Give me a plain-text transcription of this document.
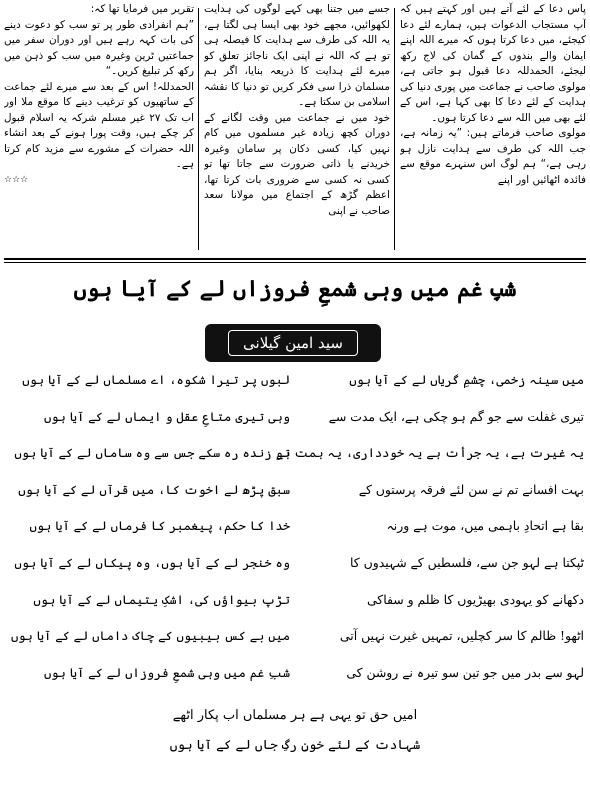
پاس دعا کے لئے آتے ہیں اور کہتے ہیں کہ آپ مستجاب الدعوات ہیں، ہمارے لئے دعا کیجئے، میں دعا کرتا ہوں کہ میرے اللہ اپنے ایمان والے بندوں کے گمان کی لاج رکھ لیجئے، الحمدللہ دعا قبول ہو جاتی ہے، مولوی صاحب نے جماعت میں پوری دنیا کی ہدایت کے لئے دعا کا بھی کہا ہے، اس کے لئے بھی میں اللہ سے دعا کرتا ہوں۔

مولوی صاحب فرماتے ہیں: ”یہ زمانہ ہے، جب اللہ کی طرف سے ہدایت نازل ہو رہی ہے،“ ہم لوگ اس سنہرے موقع سے فائدہ اٹھائیں اور اپنے

جسے میں جتنا بھی کہے لوگوں کی ہدایت لکھوائیں، مجھے خود بھی ایسا ہی لگتا ہے، یہ اللہ کی طرف سے ہدایت کا فیصلہ ہی تو ہے کہ اللہ نے اپنی ایک ناجائز تعلق کو میرے لئے ہدایت کا ذریعہ بنایا، اگر ہم مسلمان ذرا سی فکر کریں تو دنیا کا نقشہ اسلامی بن سکتا ہے۔

خود میں نے جماعت میں وقت لگانے کے دوران کچھ زیادہ غیر مسلموں میں کام نہیں کیا، کسی دکان پر سامان وغیرہ خریدنے یا ذاتی ضرورت سے جاتا تھا تو کسی نہ کسی سے ضروری بات کرتا تھا، اعظم گڑھ کے اجتماع میں مولانا سعد صاحب نے اپنی

تقریر میں فرمایا تھا کہ:

”ہم انفرادی طور پر تو سب کو دعوت دینے کی بات کہہ رہے ہیں اور دوران سفر میں جماعتیں ٹرین وغیرہ میں سب کو ذہن میں رکھ کر تبلیغ کریں۔“

الحمدللہ! اس کے بعد سے میرے لئے جماعت کے ساتھیوں کو ترغیب دینے کا موقع ملا اور اب تک ۲۷ غیر مسلم شرکہ یہ اسلام قبول کر چکے ہیں، وقت پورا ہونے کے بعد انشاء اللہ حضرات کے مشورے سے مزید کام کرتا ہے۔

☆☆☆
شبِ غم میں وہی شمعِ فروزاں لے کے آیا ہوں
سید امین گیلانی
میں سینہ زخمی، چشمِ گریاں لے کے آیا ہوں
لبوں پر تیرا شکوہ، اے مسلماں لے کے آیا ہوں
تیری غفلت سے جو گم ہو چکی ہے، ایک مدت سے
وہی تیری متاعِ عقل و ایماں لے کے آیا ہوں
یہ غیرت ہے، یہ جرأت ہے یہ خودداری، یہ ہمت ہے
تو زندہ رہ سکے جس سے وہ ساماں لے کے آیا ہوں
بہت افسانے تم نے سن لئے فرقہ پرستوں کے
سبق پڑھ لے اخوت کا، میں قرآں لے کے آیا ہوں
بقا ہے اتحادِ باہمی میں، موت ہے ورنہ
خدا کا حکم، پیغمبر کا فرماں لے کے آیا ہوں
ٹپکتا ہے لہو جن سے، فلسطیں کے شہیدوں کا
وہ خنجر لے کے آیا ہوں، وہ پیکاں لے کے آیا ہوں
دکھانے کو یہودی بھیڑیوں کا ظلم و سفاکی
تڑپ بیواؤں کی، اشکِ یتیماں لے کے آیا ہوں
اٹھو! ظالم کا سر کچلیں، تمہیں غیرت نہیں آتی
میں بے کس بیبیوں کے چاک داماں لے کے آیا ہوں
لہو سے بدر میں جو تین سو تیرہ نے روشن کی
شبِ غم میں وہی شمعِ فروزاں لے کے آیا ہوں
امیں حق تو یہی ہے ہر مسلماں اب پکار اٹھے
شہادت کے لئے خونِ رگِ جاں لے کے آیا ہوں
